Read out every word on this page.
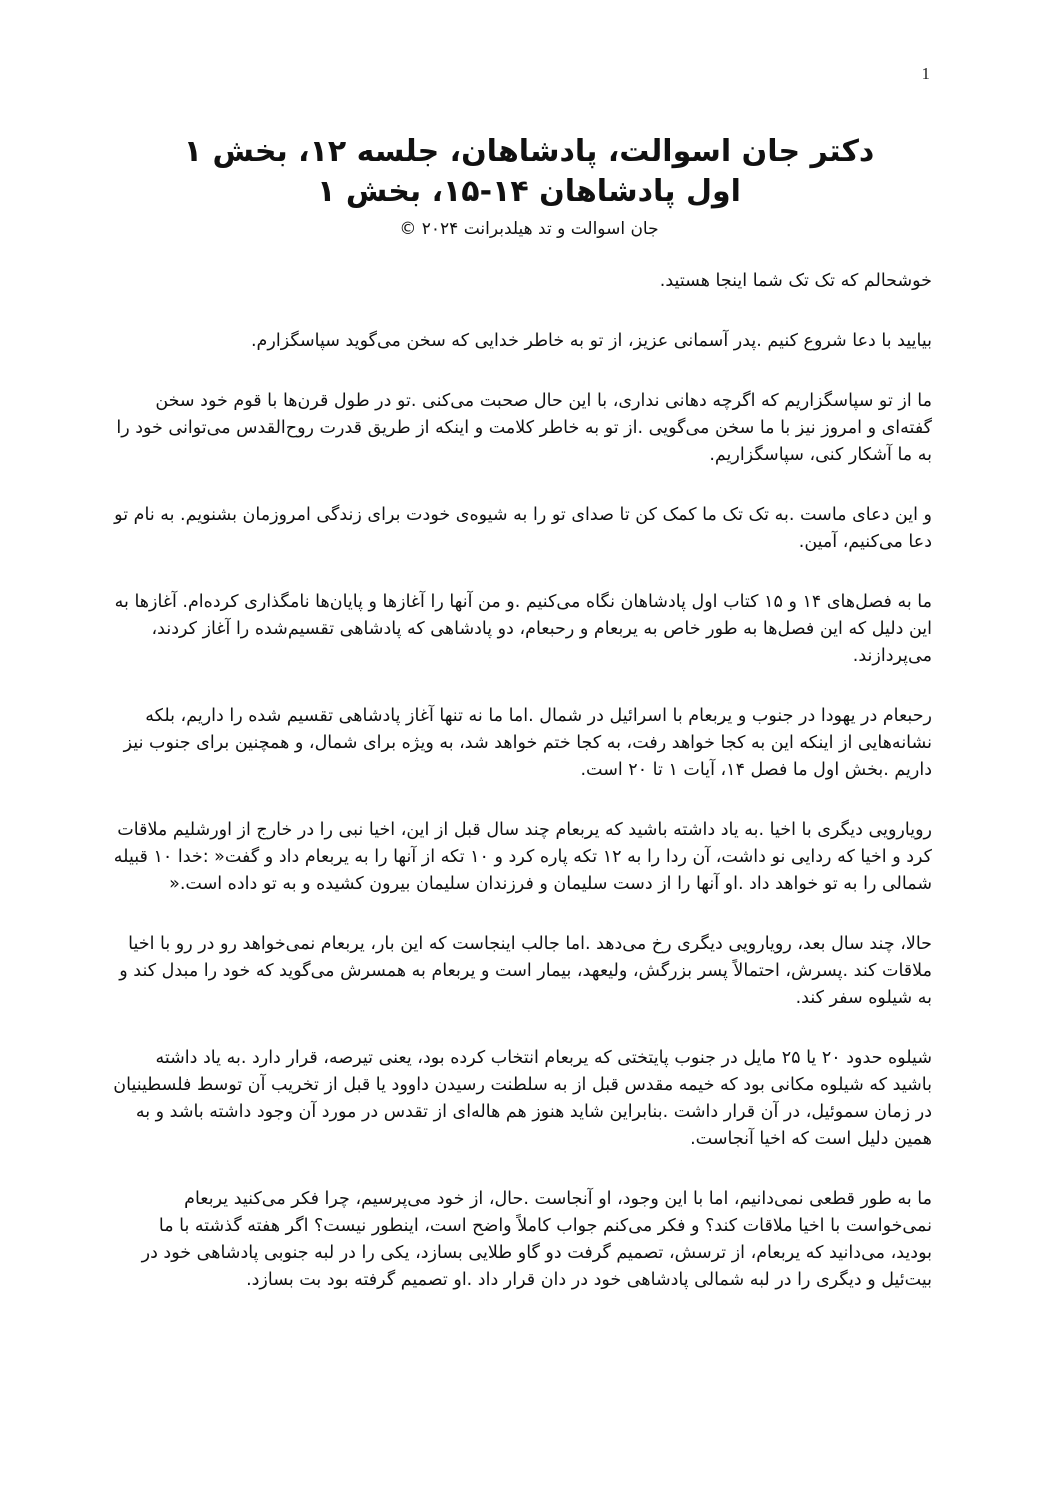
1
دکتر جان اسوالت، پادشاهان، جلسه ۱۲، بخش ۱
اول پادشاهان ۱۴-۱۵، بخش ۱
جان اسوالت و تد هیلدبرانت ۲۰۲۴ ©

خوشحالم که تک تک شما اینجا هستید.

بیایید با دعا شروع کنیم .پدر آسمانی عزیز، از تو به خاطر خدایی که سخن می‌گوید سپاسگزارم.

ما از تو سپاسگزاریم که اگرچه دهانی نداری، با این حال صحبت می‌کنی .تو در طول قرن‌ها با قوم خود سخن گفته‌ای و امروز نیز با ما سخن می‌گویی .از تو به خاطر کلامت و اینکه از طریق قدرت روح‌القدس می‌توانی خود را به ما آشکار کنی، سپاسگزاریم.

و این دعای ماست .به تک تک ما کمک کن تا صدای تو را به شیوه‌ی خودت برای زندگی امروزمان بشنویم. به نام تو دعا می‌کنیم، آمین.

ما به فصل‌های ۱۴ و ۱۵ کتاب اول پادشاهان نگاه می‌کنیم .و من آنها را آغازها و پایان‌ها نامگذاری کرده‌ام. آغازها به این دلیل که این فصل‌ها به طور خاص به یربعام و رحبعام، دو پادشاهی که پادشاهی تقسیم‌شده را آغاز کردند، می‌پردازند.

رحبعام در یهودا در جنوب و یربعام با اسرائیل در شمال .اما ما نه تنها آغاز پادشاهی تقسیم شده را داریم، بلکه نشانه‌هایی از اینکه این به کجا خواهد رفت، به کجا ختم خواهد شد، به ویژه برای شمال، و همچنین برای جنوب نیز داریم .بخش اول ما فصل ۱۴، آیات ۱ تا ۲۰ است.

رویارویی دیگری با اخیا .به یاد داشته باشید که یربعام چند سال قبل از این، اخیا نبی را در خارج از اورشلیم ملاقات کرد و اخیا که ردایی نو داشت، آن ردا را به ۱۲ تکه پاره کرد و ۱۰ تکه از آنها را به یربعام داد و گفت« :خدا ۱۰ قبیله شمالی را به تو خواهد داد .او آنها را از دست سلیمان و فرزندان سلیمان بیرون کشیده و به تو داده است.«

حالا، چند سال بعد، رویارویی دیگری رخ می‌دهد .اما جالب اینجاست که این بار، یربعام نمی‌خواهد رو در رو با اخیا ملاقات کند .پسرش، احتمالاً پسر بزرگش، ولیعهد، بیمار است و یربعام به همسرش می‌گوید که خود را مبدل کند و به شیلوه سفر کند.

شیلوه حدود ۲۰ یا ۲۵ مایل در جنوب پایتختی که یربعام انتخاب کرده بود، یعنی تیرصه، قرار دارد .به یاد داشته باشید که شیلوه مکانی بود که خیمه مقدس قبل از به سلطنت رسیدن داوود یا قبل از تخریب آن توسط فلسطینیان در زمان سموئیل، در آن قرار داشت .بنابراین شاید هنوز هم هاله‌ای از تقدس در مورد آن وجود داشته باشد و به همین دلیل است که اخیا آنجاست.

ما به طور قطعی نمی‌دانیم، اما با این وجود، او آنجاست .حال، از خود می‌پرسیم، چرا فکر می‌کنید یربعام نمی‌خواست با اخیا ملاقات کند؟ و فکر می‌کنم جواب کاملاً واضح است، اینطور نیست؟ اگر هفته گذشته با ما بودید، می‌دانید که یربعام، از ترسش، تصمیم گرفت دو گاو طلایی بسازد، یکی را در لبه جنوبی پادشاهی خود در بیت‌ئیل و دیگری را در لبه شمالی پادشاهی خود در دان قرار داد .او تصمیم گرفته بود بت بسازد.
